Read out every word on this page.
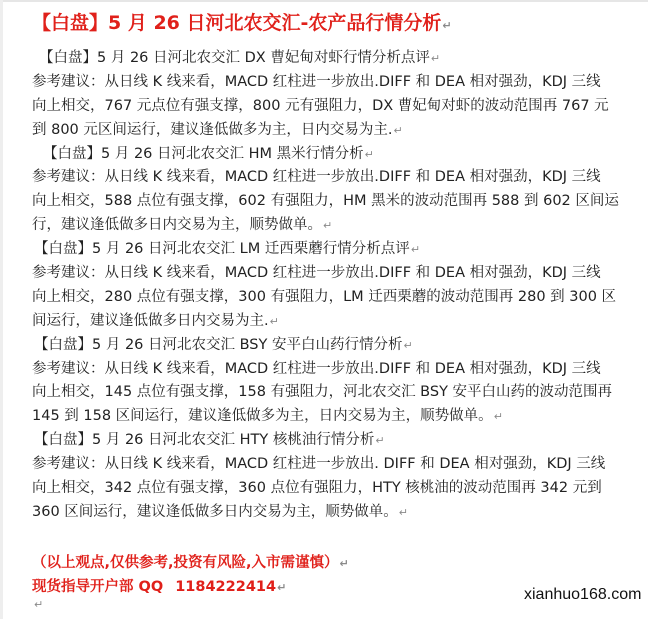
【白盘】5 月 26 日河北农交汇-农产品行情分析↵
【白盘】5 月 26 日河北农交汇 DX 曹妃甸对虾行情分析点评↵
参考建议：从日线 K 线来看，MACD 红柱进一步放出.DIFF 和 DEA 相对强劲，KDJ 三线
向上相交，767 元点位有强支撑，800 元有强阻力，DX 曹妃甸对虾的波动范围再 767 元
到 800 元区间运行，建议逢低做多为主，日内交易为主.↵
【白盘】5 月 26 日河北农交汇 HM 黑米行情分析↵
参考建议：从日线 K 线来看，MACD 红柱进一步放出.DIFF 和 DEA 相对强劲，KDJ 三线
向上相交，588 点位有强支撑，602 有强阻力，HM 黑米的波动范围再 588 到 602 区间运
行，建议逢低做多日内交易为主，顺势做单。↵
【白盘】5 月 26 日河北农交汇 LM 迁西栗蘑行情分析点评↵
参考建议：从日线 K 线来看，MACD 红柱进一步放出.DIFF 和 DEA 相对强劲，KDJ 三线
向上相交，280 点位有强支撑，300 有强阻力，LM 迁西栗蘑的波动范围再 280 到 300 区
间运行，建议逢低做多日内交易为主.↵
【白盘】5 月 26 日河北农交汇 BSY 安平白山药行情分析↵
参考建议：从日线 K 线来看，MACD 红柱进一步放出.DIFF 和 DEA 相对强劲，KDJ 三线
向上相交，145 点位有强支撑，158 有强阻力，河北农交汇 BSY 安平白山药的波动范围再
145 到 158 区间运行，建议逢低做多为主，日内交易为主，顺势做单。↵
【白盘】5 月 26 日河北农交汇 HTY 核桃油行情分析↵
参考建议：从日线 K 线来看，MACD 红柱进一步放出. DIFF 和 DEA 相对强劲，KDJ 三线
向上相交，342 点位有强支撑，360 点位有强阻力，HTY 核桃油的波动范围再 342 元到
360 区间运行，建议逢低做多日内交易为主，顺势做单。↵
（以上观点,仅供参考,投资有风险,入市需谨慎）↵
现货指导开户部 QQ 1184222414↵
↵
xianhuo168.com
